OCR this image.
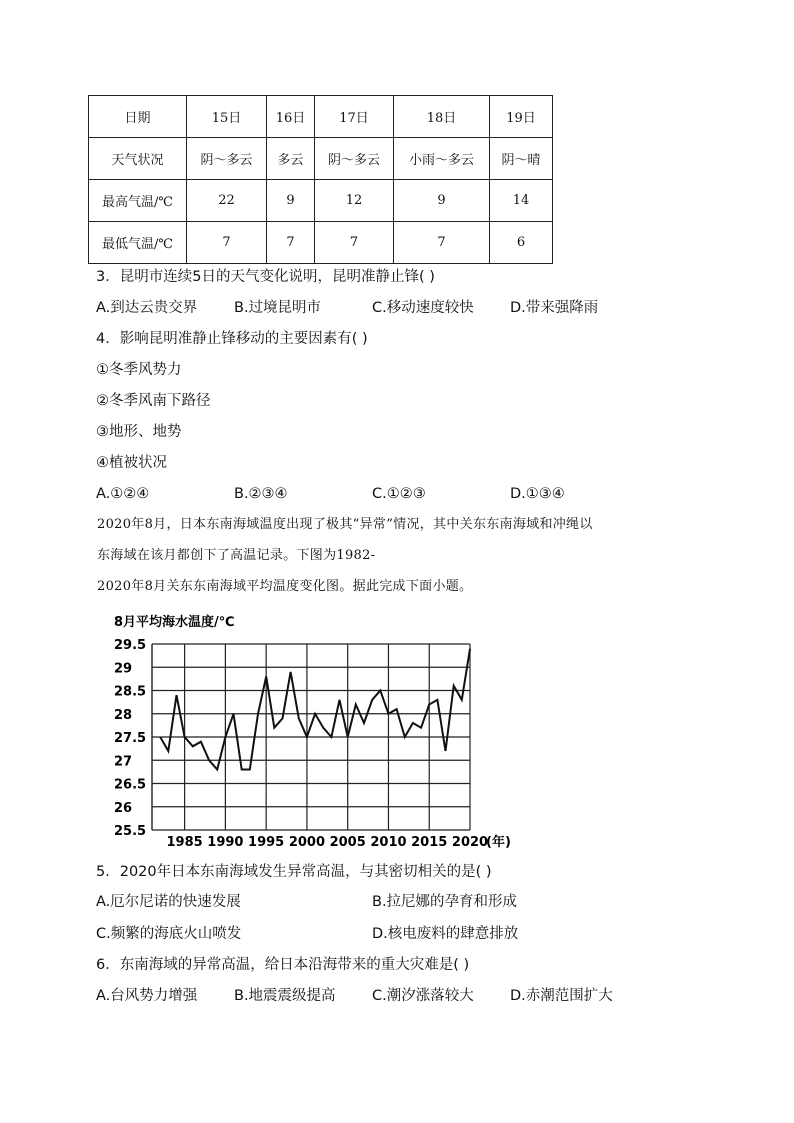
日期	15日	16日	17日	18日	19日
天气状况	阴～多云	多云	阴～多云	小雨～多云	阴～晴
最高气温/℃	22	9	12	9	14
最低气温/℃	7	7	7	7	6
3．昆明市连续5日的天气变化说明，昆明准静止锋( )
A.到达云贵交界	B.过境昆明市	C.移动速度较快	D.带来强降雨
4．影响昆明准静止锋移动的主要因素有( )
①冬季风势力
②冬季风南下路径
③地形、地势
④植被状况
A.①②④	B.②③④	C.①②③	D.①③④
2020年8月，日本东南海域温度出现了极其“异常”情况，其中关东东南海域和冲绳以
东海域在该月都创下了高温记录。下图为1982-
2020年8月关东东南海域平均温度变化图。据此完成下面小题。
8月平均海水温度/℃
29.5
29
28.5
28
27.5
27
26.5
26
25.5
1985 1990 1995 2000 2005 2010 2015 2020
(年)
5．2020年日本东南海域发生异常高温，与其密切相关的是( )
A.厄尔尼诺的快速发展	B.拉尼娜的孕育和形成
C.频繁的海底火山喷发	D.核电废料的肆意排放
6．东南海域的异常高温，给日本沿海带来的重大灾难是( )
A.台风势力增强	B.地震震级提高	C.潮汐涨落较大	D.赤潮范围扩大
